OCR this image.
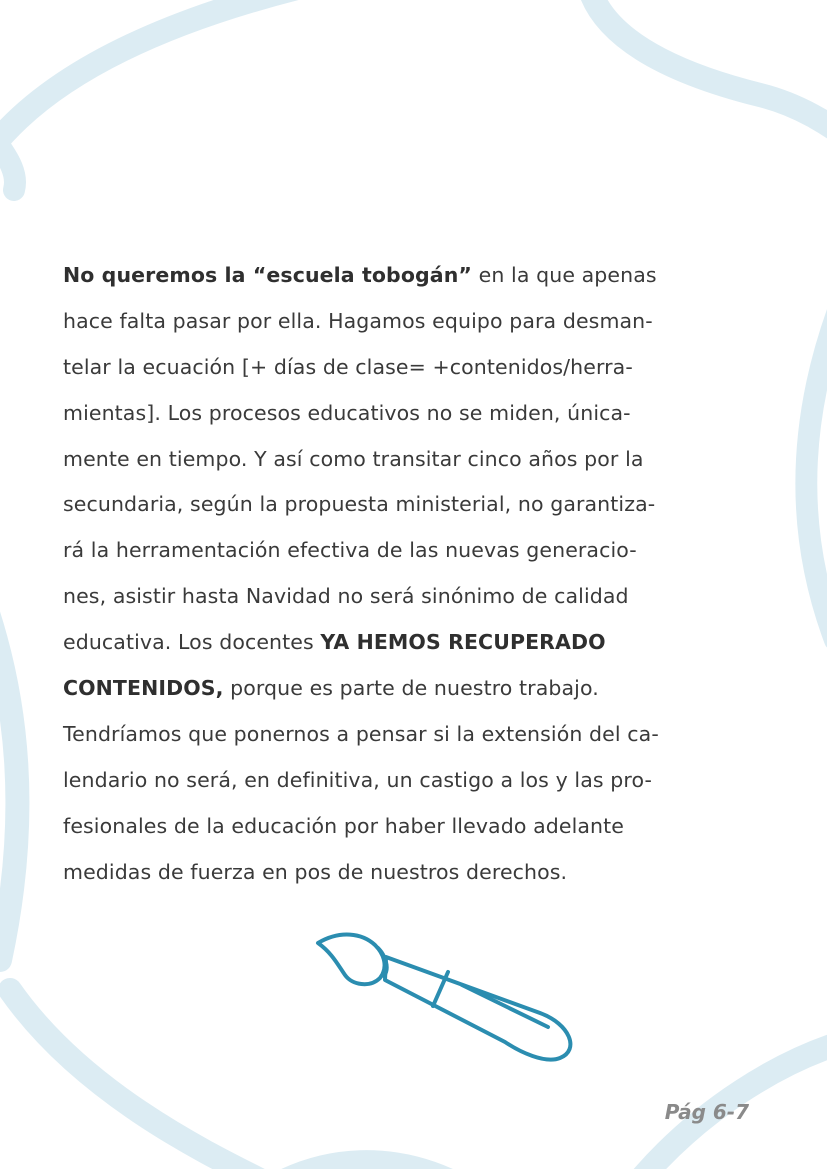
No queremos la “escuela tobogán” en la que apenas
hace falta pasar por ella. Hagamos equipo para desman-
telar la ecuación [+ días de clase= +contenidos/herra-
mientas]. Los procesos educativos no se miden, única-
mente en tiempo. Y así como transitar cinco años por la
secundaria, según la propuesta ministerial, no garantiza-
rá la herramentación efectiva de las nuevas generacio-
nes, asistir hasta Navidad no será sinónimo de calidad
educativa. Los docentes YA HEMOS RECUPERADO
CONTENIDOS, porque es parte de nuestro trabajo.
Tendríamos que ponernos a pensar si la extensión del ca-
lendario no será, en definitiva, un castigo a los y las pro-
fesionales de la educación por haber llevado adelante
medidas de fuerza en pos de nuestros derechos.
Pág 6-7
